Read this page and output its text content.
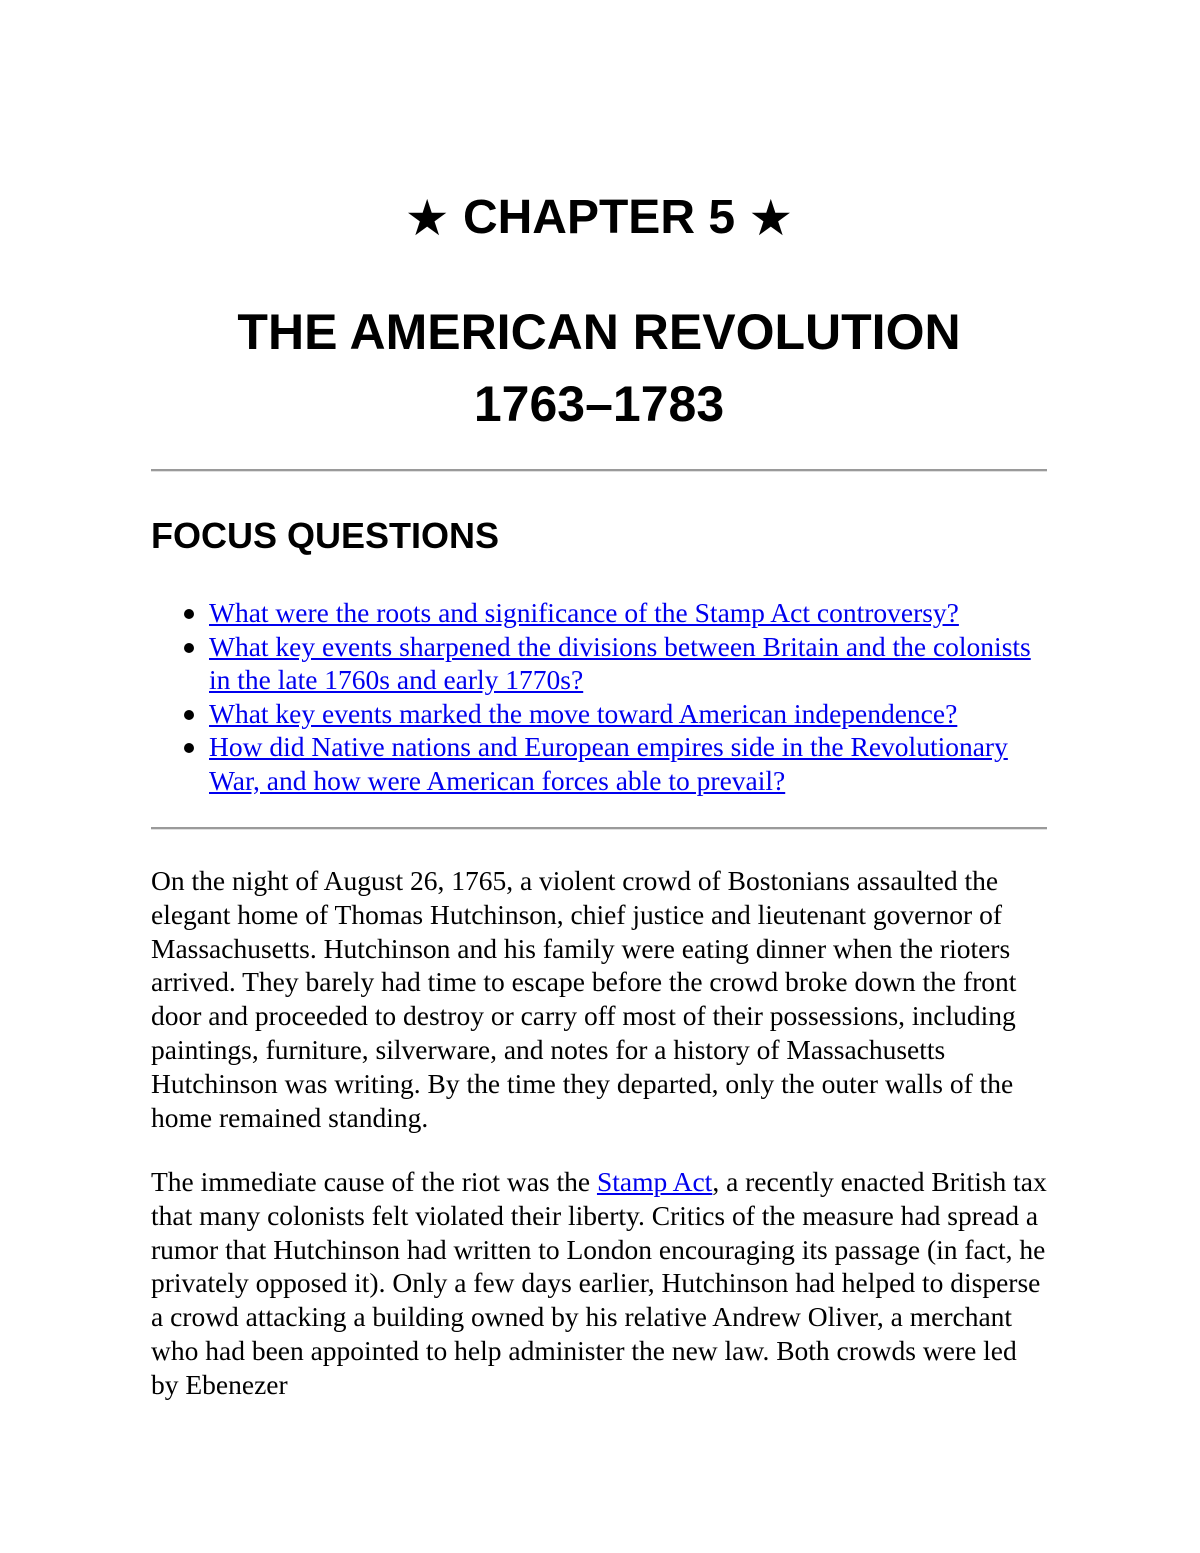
★ CHAPTER 5 ★
THE AMERICAN REVOLUTION
1763–1783
FOCUS QUESTIONS
What were the roots and significance of the Stamp Act controversy?
What key events sharpened the divisions between Britain and the colonists in the late 1760s and early 1770s?
What key events marked the move toward American independence?
How did Native nations and European empires side in the Revolutionary War, and how were American forces able to prevail?

On the night of August 26, 1765, a violent crowd of Bostonians assaulted the elegant home of Thomas Hutchinson, chief justice and lieutenant governor of Massachusetts. Hutchinson and his family were eating dinner when the rioters arrived. They barely had time to escape before the crowd broke down the front door and proceeded to destroy or carry off most of their possessions, including paintings, furniture, silverware, and notes for a history of Massachusetts Hutchinson was writing. By the time they departed, only the outer walls of the home remained standing.

The immediate cause of the riot was the Stamp Act, a recently enacted British tax that many colonists felt violated their liberty. Critics of the measure had spread a rumor that Hutchinson had written to London encouraging its passage (in fact, he privately opposed it). Only a few days earlier, Hutchinson had helped to disperse a crowd attacking a building owned by his relative Andrew Oliver, a merchant who had been appointed to help administer the new law. Both crowds were led by Ebenezer
